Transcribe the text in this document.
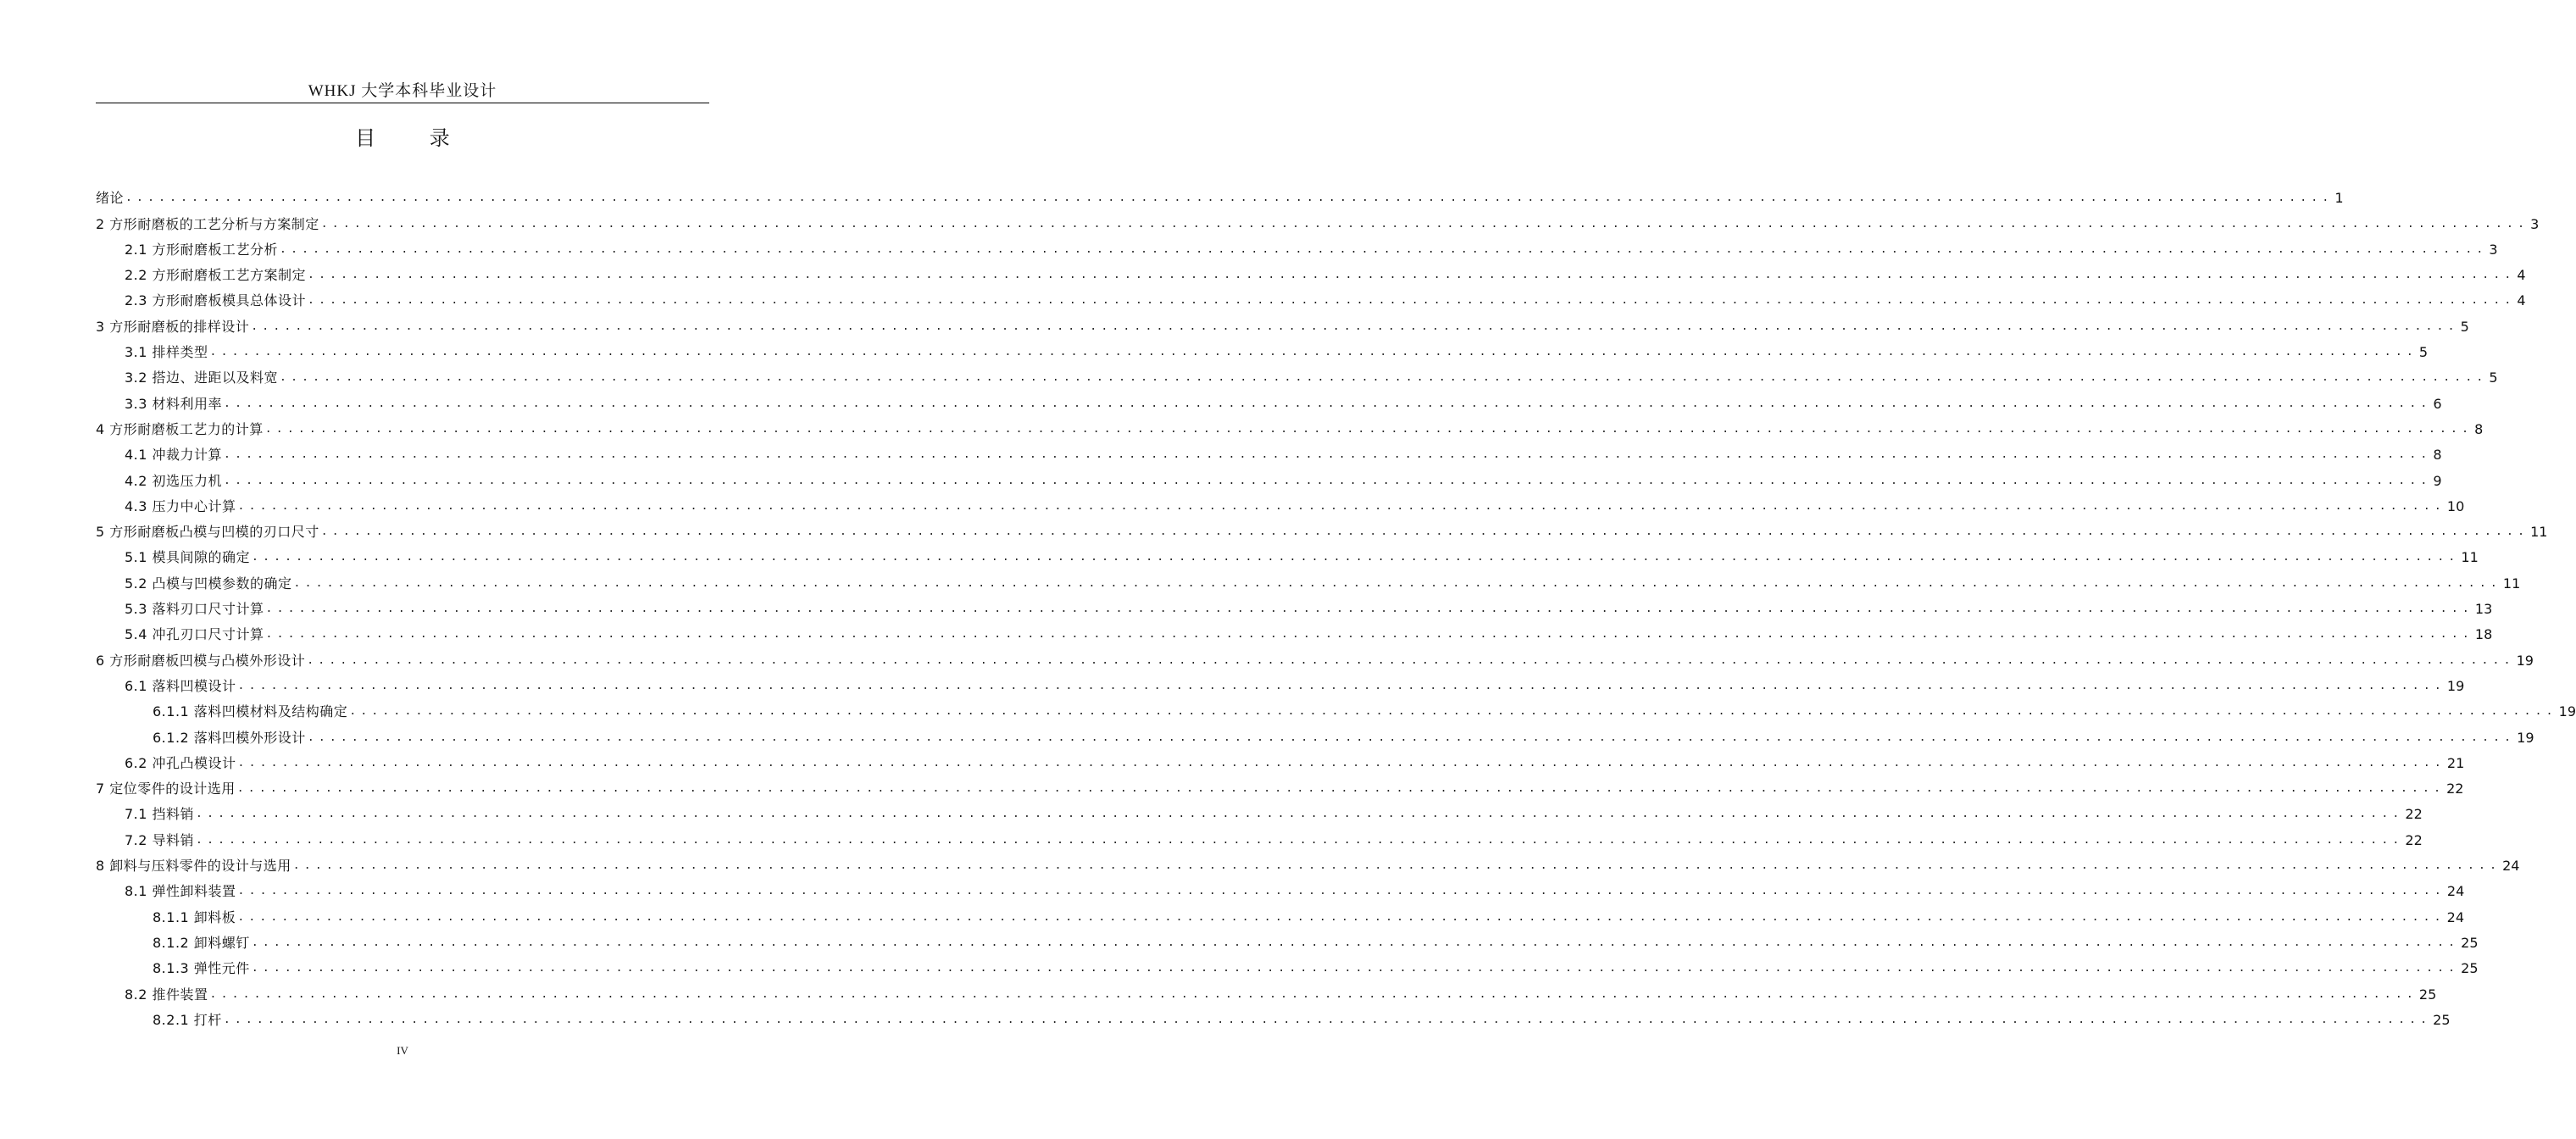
WHKJ 大学本科毕业设计
目 录
绪论 ........................................................................................................................................................................................................ 1
2 方形耐磨板的工艺分析与方案制定 ........................................................................................................................................................................................................ 3
2.1 方形耐磨板工艺分析 ........................................................................................................................................................................................................ 3
2.2 方形耐磨板工艺方案制定 ........................................................................................................................................................................................................ 4
2.3 方形耐磨板模具总体设计 ........................................................................................................................................................................................................ 4
3 方形耐磨板的排样设计 ........................................................................................................................................................................................................ 5
3.1 排样类型 ........................................................................................................................................................................................................ 5
3.2 搭边、进距以及料宽 ........................................................................................................................................................................................................ 5
3.3 材料利用率 ........................................................................................................................................................................................................ 6
4 方形耐磨板工艺力的计算 ........................................................................................................................................................................................................ 8
4.1 冲裁力计算 ........................................................................................................................................................................................................ 8
4.2 初选压力机 ........................................................................................................................................................................................................ 9
4.3 压力中心计算 ........................................................................................................................................................................................................ 10
5 方形耐磨板凸模与凹模的刃口尺寸 ........................................................................................................................................................................................................ 11
5.1 模具间隙的确定 ........................................................................................................................................................................................................ 11
5.2 凸模与凹模参数的确定 ........................................................................................................................................................................................................ 11
5.3 落料刃口尺寸计算 ........................................................................................................................................................................................................ 13
5.4 冲孔刃口尺寸计算 ........................................................................................................................................................................................................ 18
6 方形耐磨板凹模与凸模外形设计 ........................................................................................................................................................................................................ 19
6.1 落料凹模设计 ........................................................................................................................................................................................................ 19
6.1.1 落料凹模材料及结构确定 ........................................................................................................................................................................................................ 19
6.1.2 落料凹模外形设计 ........................................................................................................................................................................................................ 19
6.2 冲孔凸模设计 ........................................................................................................................................................................................................ 21
7 定位零件的设计选用 ........................................................................................................................................................................................................ 22
7.1 挡料销 ........................................................................................................................................................................................................ 22
7.2 导料销 ........................................................................................................................................................................................................ 22
8 卸料与压料零件的设计与选用 ........................................................................................................................................................................................................ 24
8.1 弹性卸料装置 ........................................................................................................................................................................................................ 24
8.1.1 卸料板 ........................................................................................................................................................................................................ 24
8.1.2 卸料螺钉 ........................................................................................................................................................................................................ 25
8.1.3 弹性元件 ........................................................................................................................................................................................................ 25
8.2 推件装置 ........................................................................................................................................................................................................ 25
8.2.1 打杆 ........................................................................................................................................................................................................ 25
IV
